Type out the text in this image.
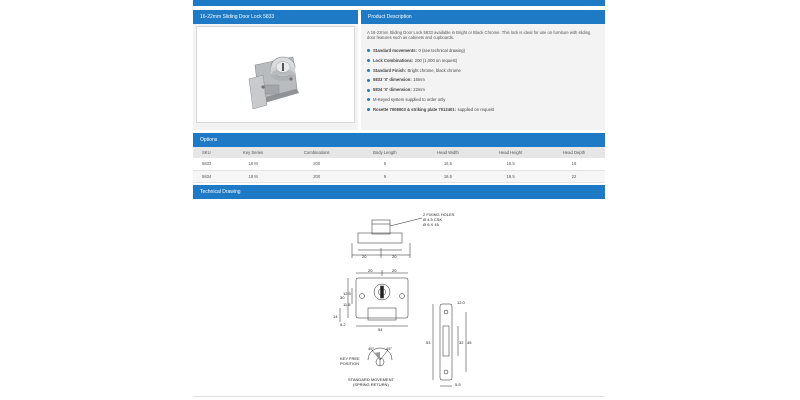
16-22mm Sliding Door Lock 5833	Product Description
A 16-22mm Sliding Door Lock 5833 available in Bright or Black Chrome. This lock is ideal for use on furniture with sliding door features such as cabinets and cupboards.
Standard movements: 0 (see technical drawing)
Lock Combinations: 200 (1,000 on request)
Standard Finish: Bright chrome, black chrome
5833 'X' dimension: 16mm
5834 'X' dimension: 22mm
M-Keyed system supplied to order only
Rosette 7008003 & striking plate 7012401: supplied on request
Options
SKU	Key Series	Combinations	Body Length	Head Width	Head Height	Head Depth
5833	18 M	200	9	16.5	16.5	16
5834	18 M	200	9	16.5	16.5	22
Technical Drawing
2 FIXING HOLES
Ø 4.5 CSK
Ø 6 X 45
20	20
20	20
30
12.5
11.5
14
5.2
54
12.0
53	32 45
5.5
45°	45°
KEY FREE
POSITION
STANDARD MOVEMENT
(SPRING RETURN)
